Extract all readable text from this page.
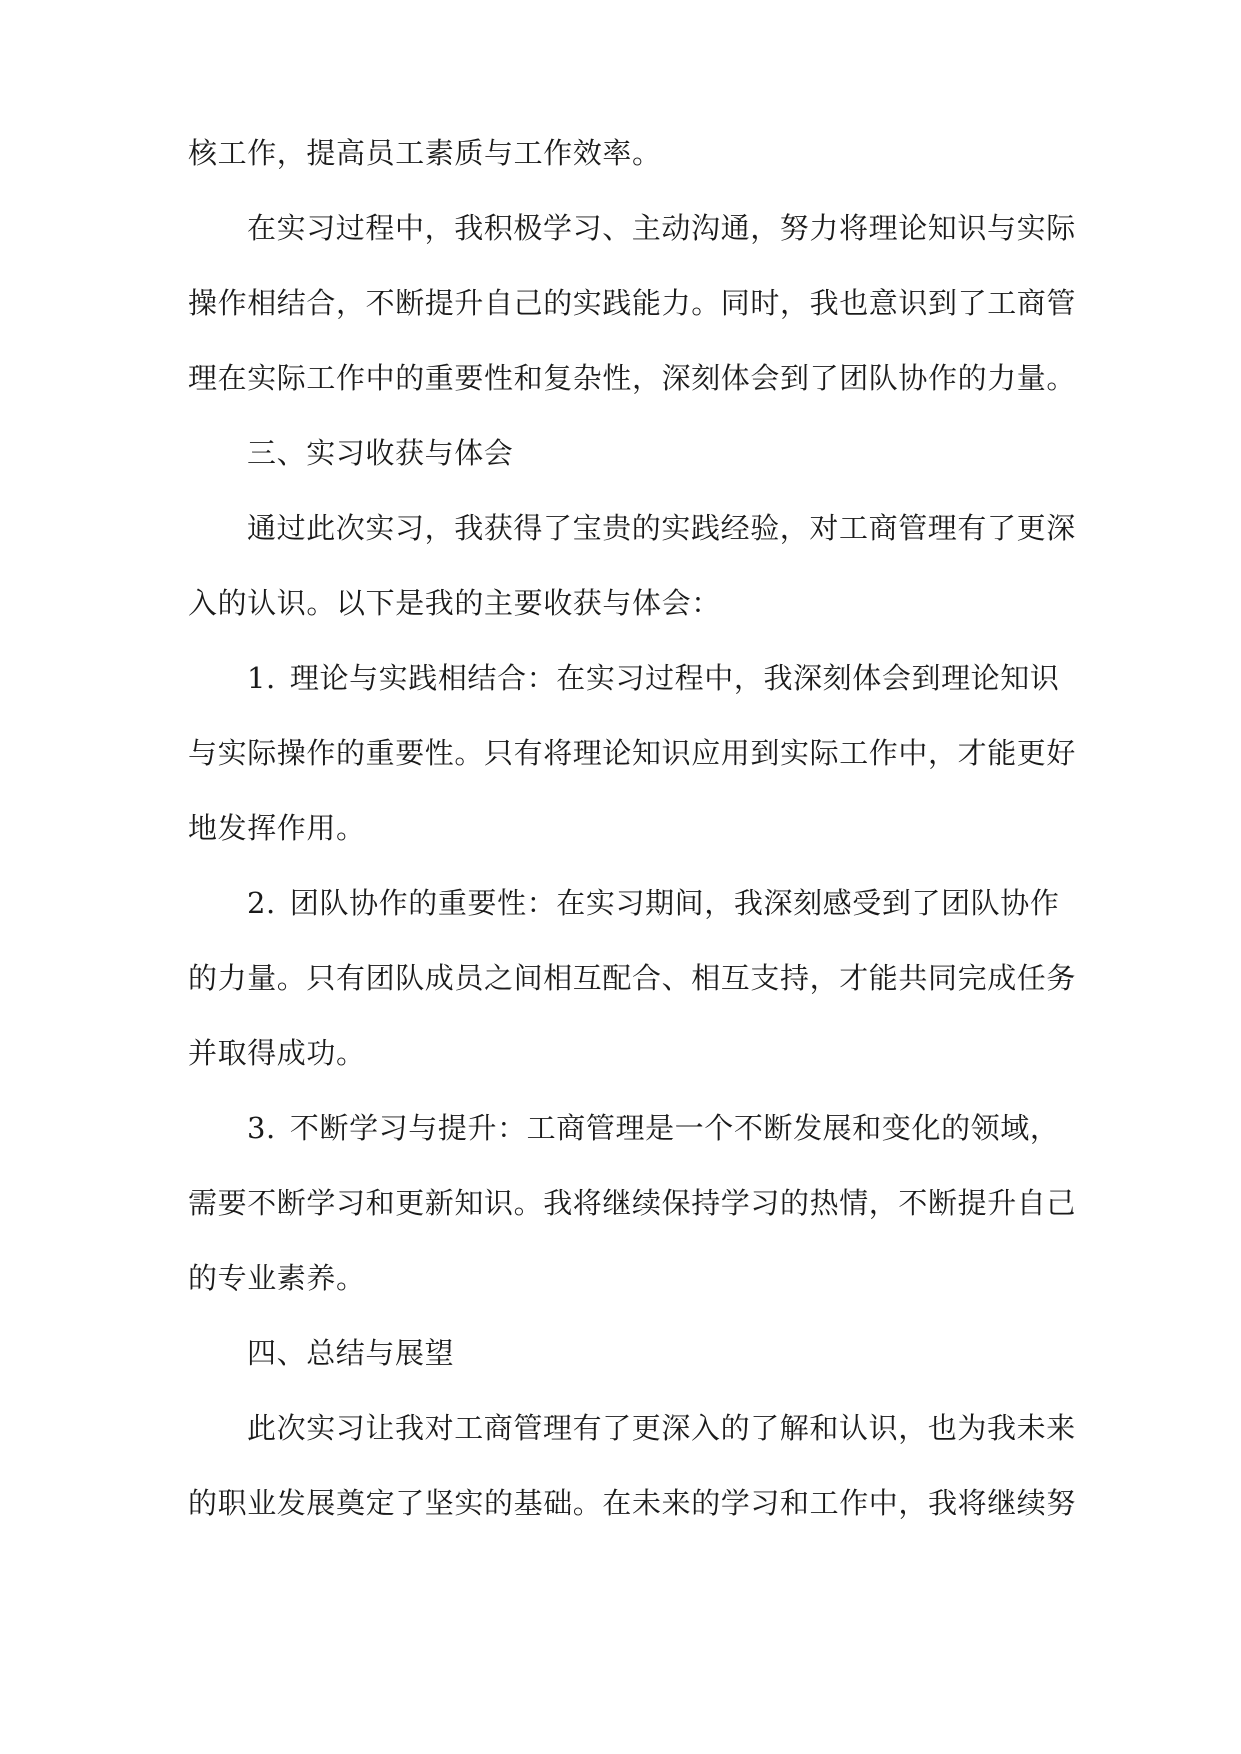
核工作，提高员工素质与工作效率。
在实习过程中，我积极学习、主动沟通，努力将理论知识与实际
操作相结合，不断提升自己的实践能力。同时，我也意识到了工商管
理在实际工作中的重要性和复杂性，深刻体会到了团队协作的力量。
三、实习收获与体会
通过此次实习，我获得了宝贵的实践经验，对工商管理有了更深
入的认识。以下是我的主要收获与体会：
1. 理论与实践相结合：在实习过程中，我深刻体会到理论知识
与实际操作的重要性。只有将理论知识应用到实际工作中，才能更好
地发挥作用。
2. 团队协作的重要性：在实习期间，我深刻感受到了团队协作
的力量。只有团队成员之间相互配合、相互支持，才能共同完成任务
并取得成功。
3. 不断学习与提升：工商管理是一个不断发展和变化的领域，
需要不断学习和更新知识。我将继续保持学习的热情，不断提升自己
的专业素养。
四、总结与展望
此次实习让我对工商管理有了更深入的了解和认识，也为我未来
的职业发展奠定了坚实的基础。在未来的学习和工作中，我将继续努
